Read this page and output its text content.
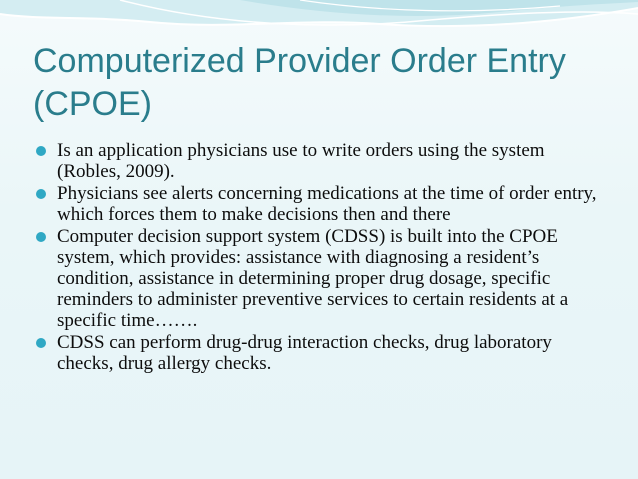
Computerized Provider Order Entry (CPOE)
Is an application physicians use to write orders using the system (Robles, 2009).
Physicians see alerts concerning medications at the time of order entry, which forces them to make decisions then and there
Computer decision support system (CDSS) is built into the CPOE system, which provides: assistance with diagnosing a resident’s condition, assistance in determining proper drug dosage, specific reminders to administer preventive services to certain residents at a specific time…….
CDSS can perform drug-drug interaction checks, drug laboratory checks, drug allergy checks.
